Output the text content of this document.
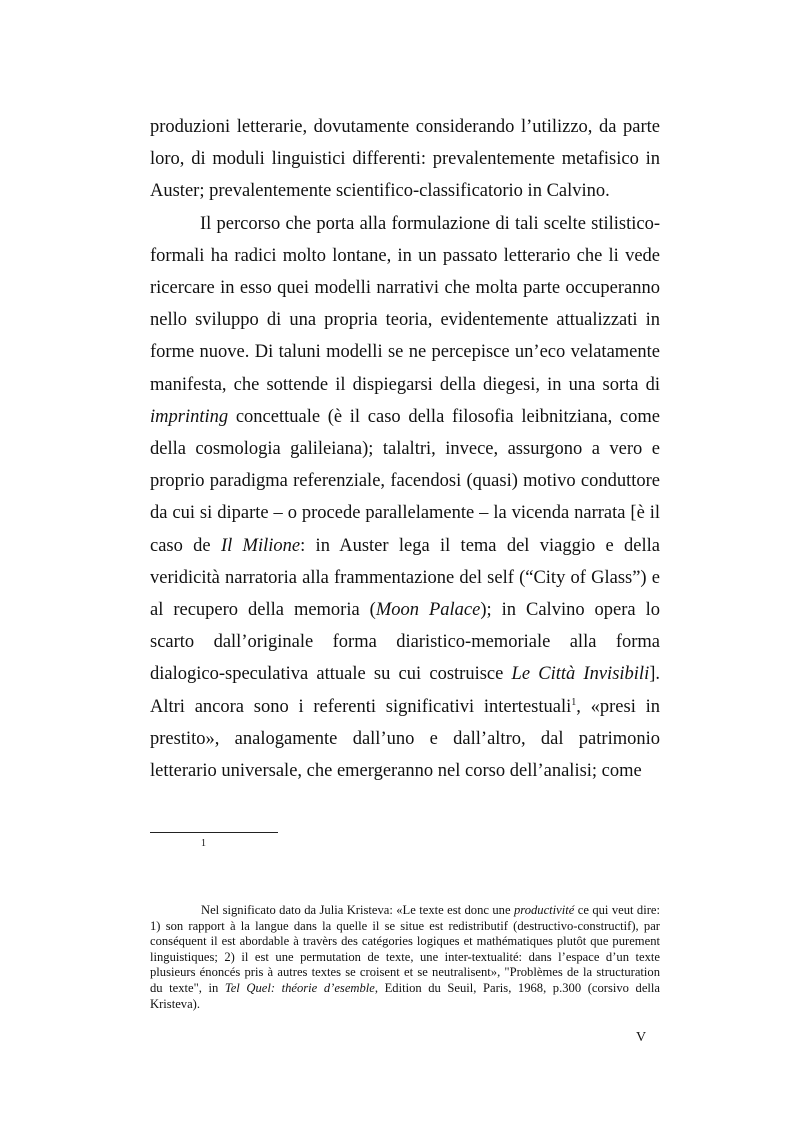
produzioni letterarie, dovutamente considerando l’utilizzo, da parte loro, di moduli linguistici differenti: prevalentemente metafisico in Auster; prevalentemente scientifico-classificatorio in Calvino.

Il percorso che porta alla formulazione di tali scelte stilistico-formali ha radici molto lontane, in un passato letterario che li vede ricercare in esso quei modelli narrativi che molta parte occuperanno nello sviluppo di una propria teoria, evidentemente attualizzati in forme nuove. Di taluni modelli se ne percepisce un’eco velatamente manifesta, che sottende il dispiegarsi della diegesi, in una sorta di imprinting concettuale (è il caso della filosofia leibnitziana, come della cosmologia galileiana); talaltri, invece, assurgono a vero e proprio paradigma referenziale, facendosi (quasi) motivo conduttore da cui si diparte – o procede parallelamente – la vicenda narrata [è il caso de Il Milione: in Auster lega il tema del viaggio e della veridicità narratoria alla frammentazione del self (“City of Glass”) e al recupero della memoria (Moon Palace); in Calvino opera lo scarto dall’originale forma diaristico-memoriale alla forma dialogico-speculativa attuale su cui costruisce Le Città Invisibili]. Altri ancora sono i referenti significativi intertestuali$^1$, «presi in prestito», analogamente dall’uno e dall’altro, dal patrimonio letterario universale, che emergeranno nel corso dell’analisi; come

1

Nel significato dato da Julia Kristeva: «Le texte est donc une productivité ce qui veut dire: 1) son rapport à la langue dans la quelle il se situe est redistributif (destructivo-constructif), par conséquent il est abordable à travèrs des catégories logiques et mathématiques plutôt que purement linguistiques; 2) il est une permutation de texte, une inter-textualité: dans l’espace d’un texte plusieurs énoncés pris à autres textes se croisent et se neutralisent», "Problèmes de la structuration du texte", in Tel Quel: théorie d’esemble, Edition du Seuil, Paris, 1968, p.300 (corsivo della Kristeva).

V
